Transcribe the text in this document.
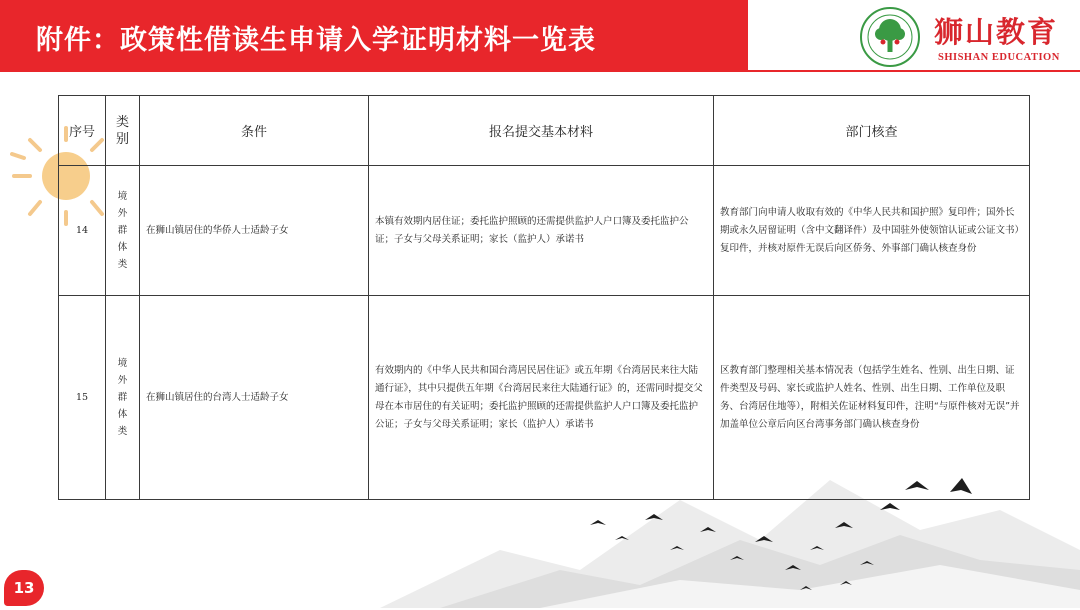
附件：政策性借读生申请入学证明材料一览表	狮山教育
SHISHAN EDUCATION
序号	类别	条件	报名提交基本材料	部门核查
14	境外群体类	在狮山镇居住的华侨人士适龄子女	本镇有效期内居住证；委托监护照顾的还需提供监护人户口簿及委托监护公证；子女与父母关系证明；家长（监护人）承诺书	教育部门向申请人收取有效的《中华人民共和国护照》复印件；国外长期或永久居留证明（含中文翻译件）及中国驻外使领馆认证或公证文书）复印件，并核对原件无误后向区侨务、外事部门确认核查身份
15	境外群体类	在狮山镇居住的台湾人士适龄子女	有效期内的《中华人民共和国台湾居民居住证》或五年期《台湾居民来往大陆通行证》，其中只提供五年期《台湾居民来往大陆通行证》的，还需同时提交父母在本市居住的有关证明；委托监护照顾的还需提供监护人户口簿及委托监护公证；子女与父母关系证明；家长（监护人）承诺书	区教育部门整理相关基本情况表（包括学生姓名、性别、出生日期、证件类型及号码、家长或监护人姓名、性别、出生日期、工作单位及职务、台湾居住地等），附相关佐证材料复印件，注明“与原件核对无误”并加盖单位公章后向区台湾事务部门确认核查身份
13
